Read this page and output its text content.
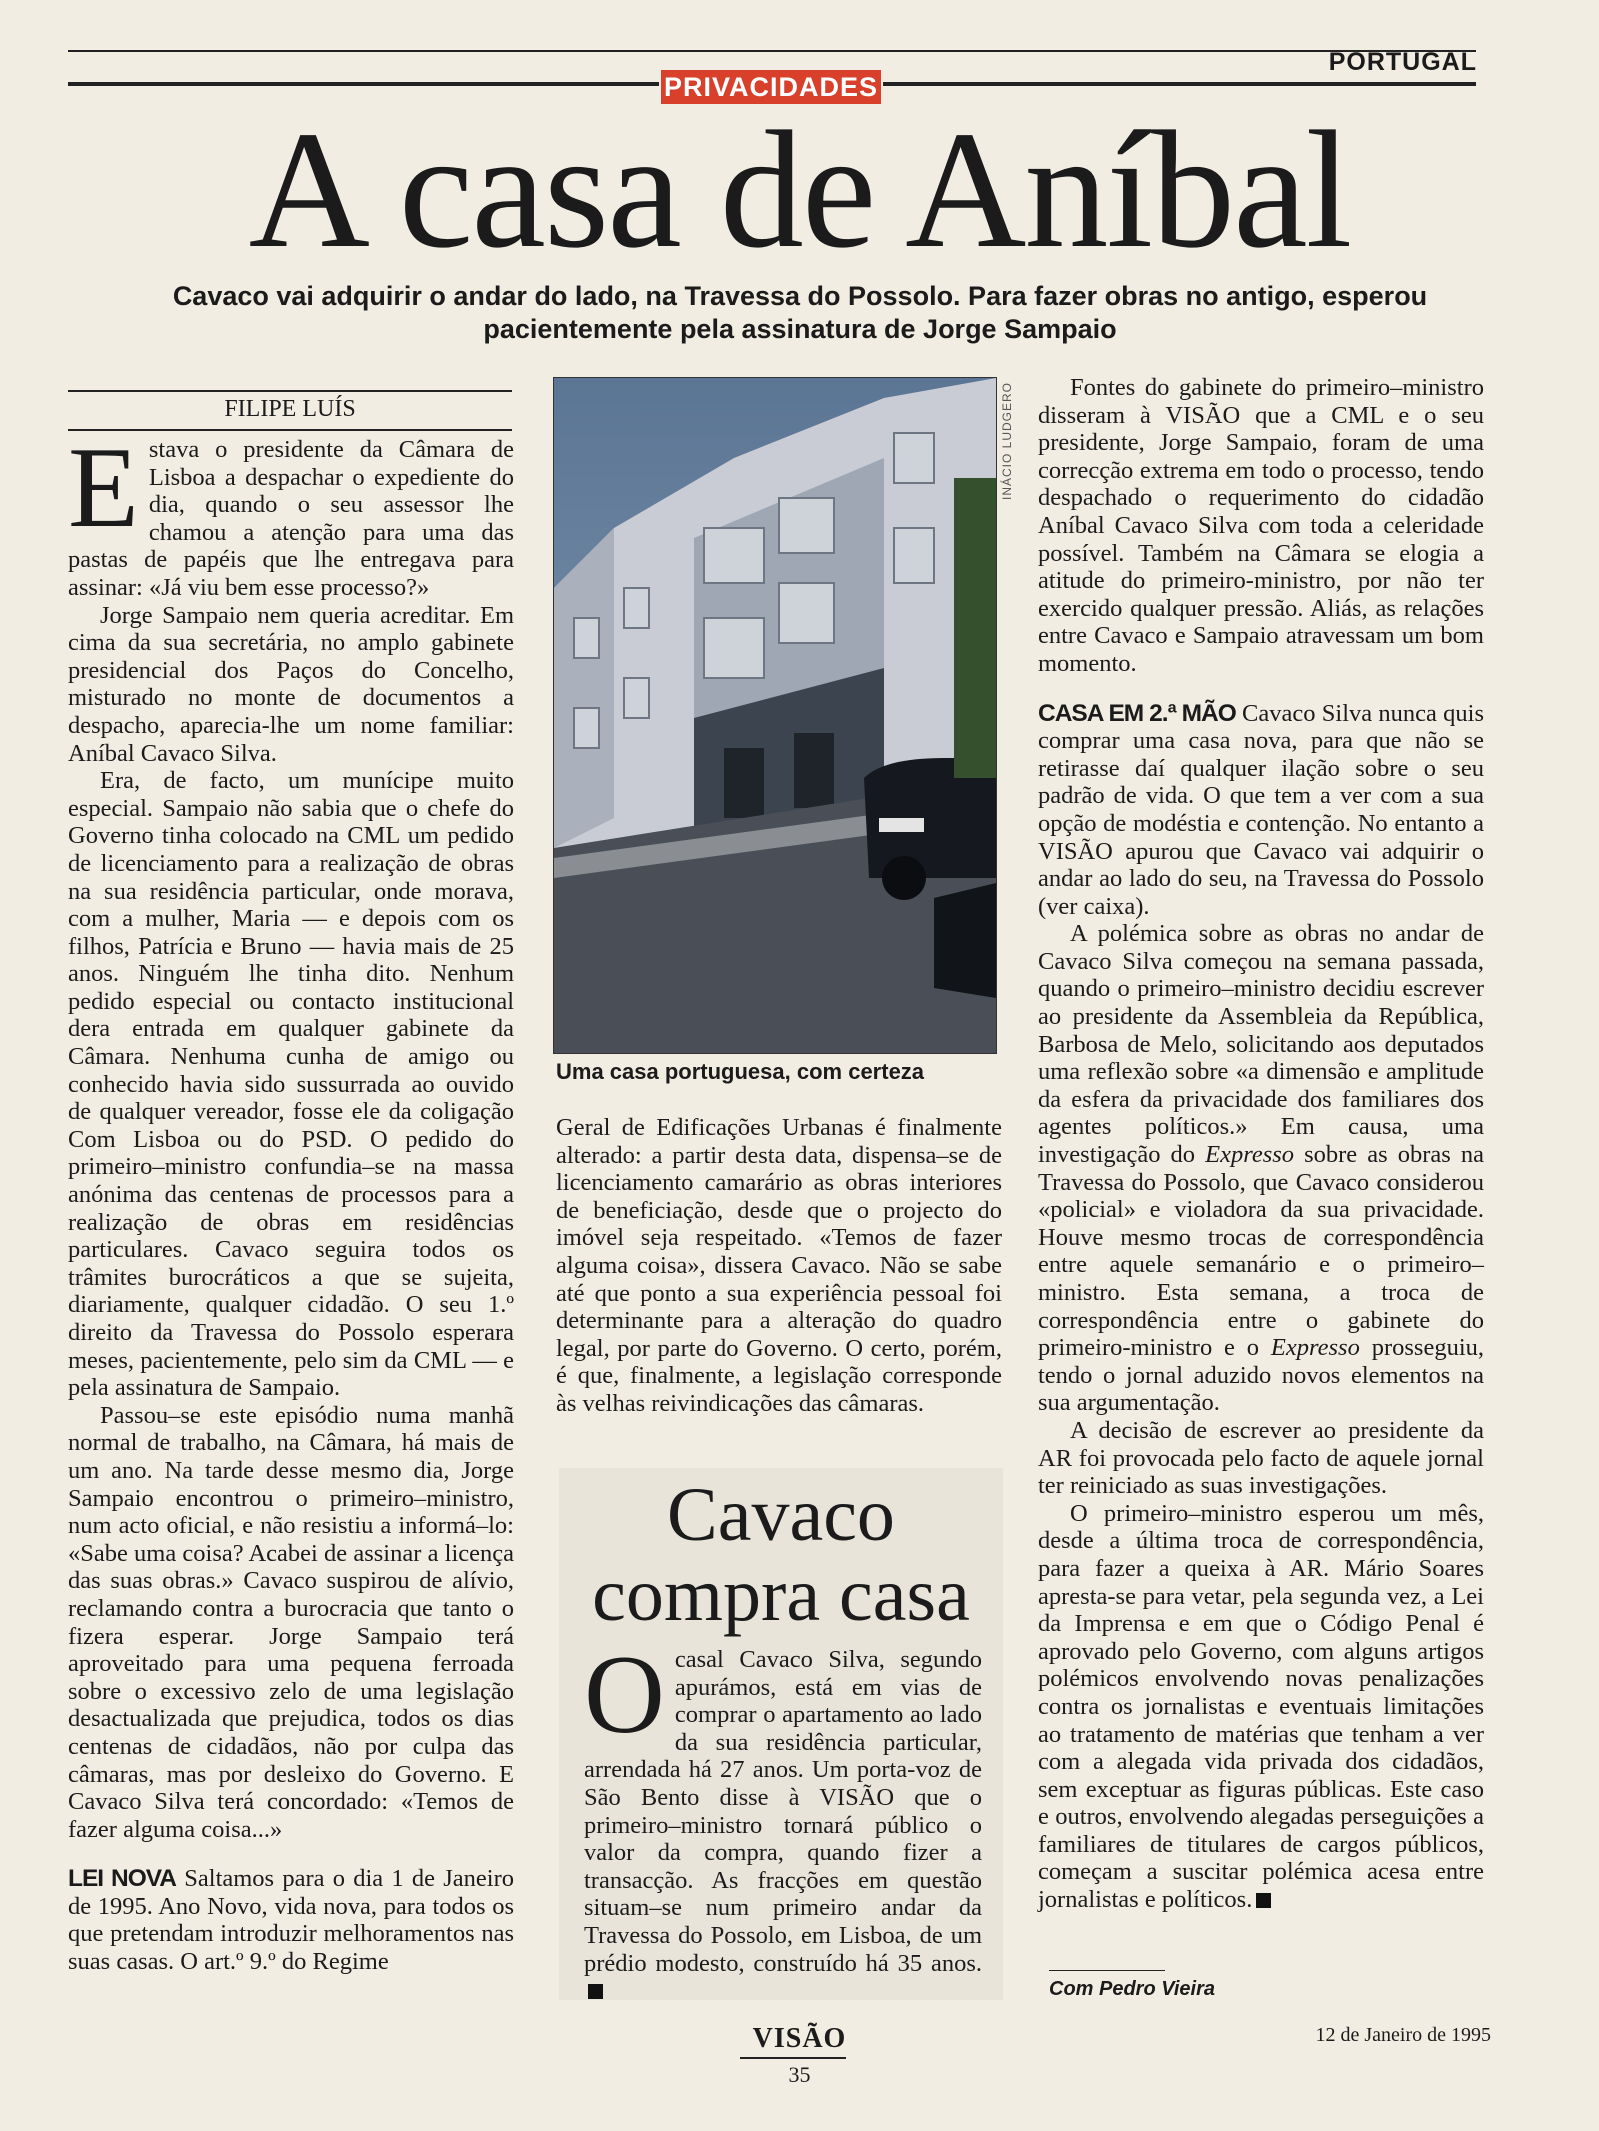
PRIVACIDADES
PORTUGAL
A casa de Aníbal
Cavaco vai adquirir o andar do lado, na Travessa do Possolo. Para fazer obras no antigo, esperou pacientemente pela assinatura de Jorge Sampaio
FILIPE LUÍS

Estava o presidente da Câmara de Lisboa a despachar o expediente do dia, quando o seu assessor lhe chamou a atenção para uma das pastas de papéis que lhe entregava para assinar: «Já viu bem esse processo?»

Jorge Sampaio nem queria acreditar. Em cima da sua secretária, no amplo gabinete presidencial dos Paços do Concelho, misturado no monte de documentos a despacho, aparecia-lhe um nome familiar: Aníbal Cavaco Silva.

Era, de facto, um munícipe muito especial. Sampaio não sabia que o chefe do Governo tinha colocado na CML um pedido de licenciamento para a realização de obras na sua residência particular, onde morava, com a mulher, Maria — e depois com os filhos, Patrícia e Bruno — havia mais de 25 anos. Ninguém lhe tinha dito. Nenhum pedido especial ou contacto institucional dera entrada em qualquer gabinete da Câmara. Nenhuma cunha de amigo ou conhecido havia sido sussurrada ao ouvido de qualquer vereador, fosse ele da coligação Com Lisboa ou do PSD. O pedido do primeiro–ministro confundia–se na massa anónima das centenas de processos para a realização de obras em residências particulares. Cavaco seguira todos os trâmites burocráticos a que se sujeita, diariamente, qualquer cidadão. O seu 1.º direito da Travessa do Possolo esperara meses, pacientemente, pelo sim da CML — e pela assinatura de Sampaio.

Passou–se este episódio numa manhã normal de trabalho, na Câmara, há mais de um ano. Na tarde desse mesmo dia, Jorge Sampaio encontrou o primeiro–ministro, num acto oficial, e não resistiu a informá–lo: «Sabe uma coisa? Acabei de assinar a licença das suas obras.» Cavaco suspirou de alívio, reclamando contra a burocracia que tanto o fizera esperar. Jorge Sampaio terá aproveitado para uma pequena ferroada sobre o excessivo zelo de uma legislação desactualizada que prejudica, todos os dias centenas de cidadãos, não por culpa das câmaras, mas por desleixo do Governo. E Cavaco Silva terá concordado: «Temos de fazer alguma coisa...»

LEI NOVA Saltamos para o dia 1 de Janeiro de 1995. Ano Novo, vida nova, para todos os que pretendam introduzir melhoramentos nas suas casas. O art.º 9.º do Regime

INÁCIO LUDGERO
Uma casa portuguesa, com certeza

Geral de Edificações Urbanas é finalmente alterado: a partir desta data, dispensa–se de licenciamento camarário as obras interiores de beneficiação, desde que o projecto do imóvel seja respeitado. «Temos de fazer alguma coisa», dissera Cavaco. Não se sabe até que ponto a sua experiência pessoal foi determinante para a alteração do quadro legal, por parte do Governo. O certo, porém, é que, finalmente, a legislação corresponde às velhas reivindicações das câmaras.

Cavaco
compra casa

Ocasal Cavaco Silva, segundo apurámos, está em vias de comprar o apartamento ao lado da sua residência particular, arrendada há 27 anos. Um porta-voz de São Bento disse à VISÃO que o primeiro–ministro tornará público o valor da compra, quando fizer a transacção. As fracções em questão situam–se num primeiro andar da Travessa do Possolo, em Lisboa, de um prédio modesto, construído há 35 anos.

Fontes do gabinete do primeiro–ministro disseram à VISÃO que a CML e o seu presidente, Jorge Sampaio, foram de uma correcção extrema em todo o processo, tendo despachado o requerimento do cidadão Aníbal Cavaco Silva com toda a celeridade possível. Também na Câmara se elogia a atitude do primeiro-ministro, por não ter exercido qualquer pressão. Aliás, as relações entre Cavaco e Sampaio atravessam um bom momento.

CASA EM 2.ª MÃO Cavaco Silva nunca quis comprar uma casa nova, para que não se retirasse daí qualquer ilação sobre o seu padrão de vida. O que tem a ver com a sua opção de modéstia e contenção. No entanto a VISÃO apurou que Cavaco vai adquirir o andar ao lado do seu, na Travessa do Possolo (ver caixa).

A polémica sobre as obras no andar de Cavaco Silva começou na semana passada, quando o primeiro–ministro decidiu escrever ao presidente da Assembleia da República, Barbosa de Melo, solicitando aos deputados uma reflexão sobre «a dimensão e amplitude da esfera da privacidade dos familiares dos agentes políticos.» Em causa, uma investigação do Expresso sobre as obras na Travessa do Possolo, que Cavaco considerou «policial» e violadora da sua privacidade. Houve mesmo trocas de correspondência entre aquele semanário e o primeiro–ministro. Esta semana, a troca de correspondência entre o gabinete do primeiro-ministro e o Expresso prosseguiu, tendo o jornal aduzido novos elementos na sua argumentação.

A decisão de escrever ao presidente da AR foi provocada pelo facto de aquele jornal ter reiniciado as suas investigações.

O primeiro–ministro esperou um mês, desde a última troca de correspondência, para fazer a queixa à AR. Mário Soares apresta-se para vetar, pela segunda vez, a Lei da Imprensa e em que o Código Penal é aprovado pelo Governo, com alguns artigos polémicos envolvendo novas penalizações contra os jornalistas e eventuais limitações ao tratamento de matérias que tenham a ver com a alegada vida privada dos cidadãos, sem exceptuar as figuras públicas. Este caso e outros, envolvendo alegadas perseguições a familiares de titulares de cargos públicos, começam a suscitar polémica acesa entre jornalistas e políticos.

Com Pedro Vieira
VISÃO
35
12 de Janeiro de 1995
